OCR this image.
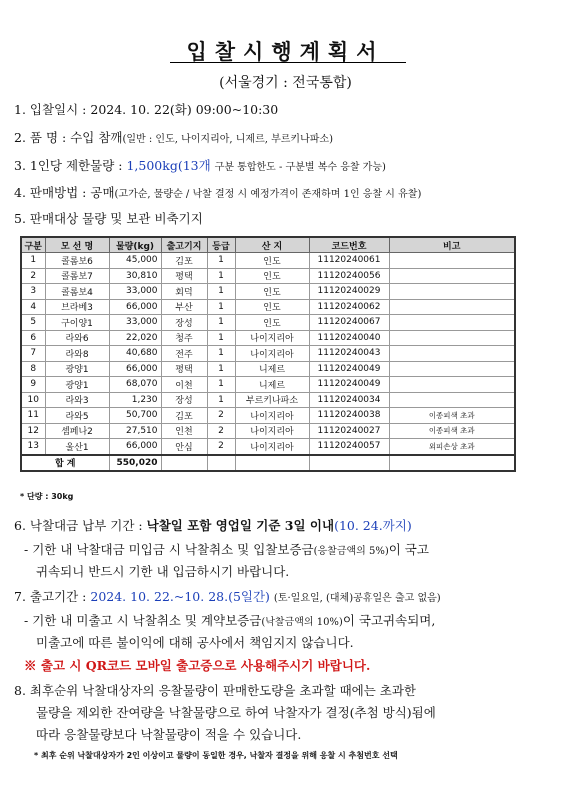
입찰시행계획서
(서울경기 : 전국통합)
1. 입찰일시 : 2024. 10. 22(화) 09:00~10:30
2. 품 명 : 수입 참깨(일반 : 인도, 나이지리아, 니제르, 부르키나파소)
3. 1인당 제한물량 : 1,500kg(13개 구분 통합한도 - 구분별 복수 응찰 가능)
4. 판매방법 : 공매(고가순, 물량순 / 낙찰 결정 시 예정가격이 존재하며 1인 응찰 시 유찰)
5. 판매대상 물량 및 보관 비축기지
구분	모 선 명	물량(kg)	출고기지	등급	산 지	코드번호	비고
1	콜롬보6	45,000	김포	1	인도	11120240061	
2	콜롬보7	30,810	평택	1	인도	11120240056	
3	콜롬보4	33,000	회덕	1	인도	11120240029	
4	브라베3	66,000	부산	1	인도	11120240062	
5	구이양1	33,000	장성	1	인도	11120240067	
6	라와6	22,020	청주	1	나이지리아	11120240040	
7	라와8	40,680	전주	1	나이지리아	11120240043	
8	광양1	66,000	평택	1	니제르	11120240049	
9	광양1	68,070	이천	1	니제르	11120240049	
10	라와3	1,230	장성	1	부르키나파소	11120240034	
11	라와5	50,700	김포	2	나이지리아	11120240038	이종피색 초과
12	셈페나2	27,510	인천	2	나이지리아	11120240027	이종피색 초과
13	울산1	66,000	안심	2	나이지리아	11120240057	외피손상 초과
합 계		550,020					
* 단량 : 30kg
6. 낙찰대금 납부 기간 : 낙찰일 포함 영업일 기준 3일 이내(10. 24.까지)
- 기한 내 낙찰대금 미입금 시 낙찰취소 및 입찰보증금(응찰금액의 5%)이 국고
귀속되니 반드시 기한 내 입금하시기 바랍니다.
7. 출고기간 : 2024. 10. 22.~10. 28.(5일간) (토·일요일, (대체)공휴일은 출고 없음)
- 기한 내 미출고 시 낙찰취소 및 계약보증금(낙찰금액의 10%)이 국고귀속되며,
미출고에 따른 불이익에 대해 공사에서 책임지지 않습니다.
※ 출고 시 QR코드 모바일 출고증으로 사용해주시기 바랍니다.
8. 최후순위 낙찰대상자의 응찰물량이 판매한도량을 초과할 때에는 초과한
물량을 제외한 잔여량을 낙찰물량으로 하여 낙찰자가 결정(추첨 방식)됨에
따라 응찰물량보다 낙찰물량이 적을 수 있습니다.
* 최후 순위 낙찰대상자가 2인 이상이고 물량이 동일한 경우, 낙찰자 결정을 위해 응찰 시 추첨번호 선택
